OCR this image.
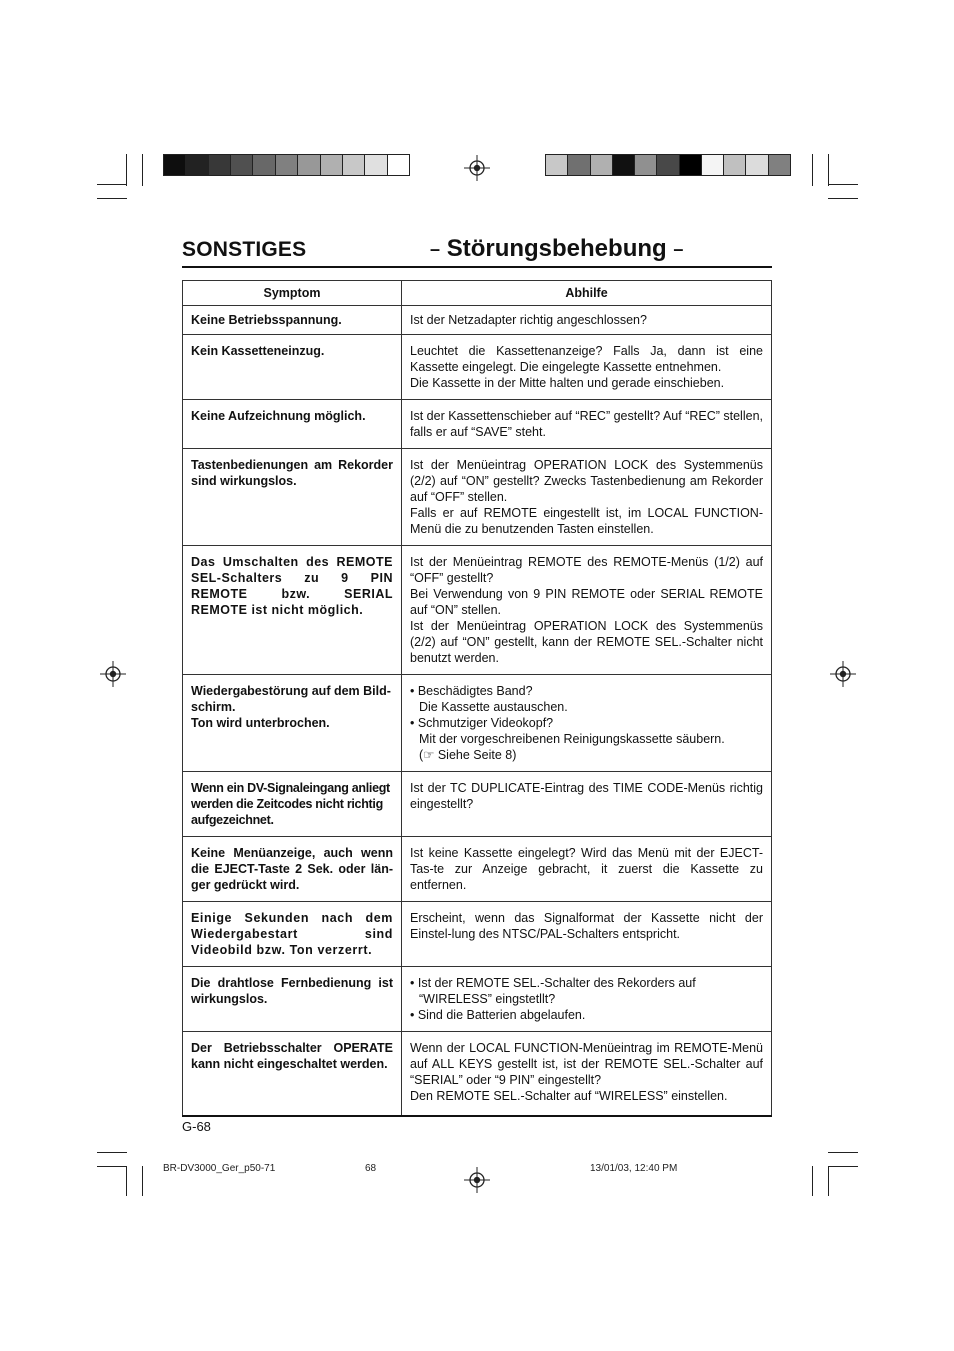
SONSTIGES	– Störungsbehebung –
Symptom	Abhilfe

Keine Betriebsspannung.	Ist der Netzadapter richtig angeschlossen?

Kein Kassetteneinzug.	Leuchtet die Kassettenanzeige? Falls Ja, dann ist eine Kassette eingelegt. Die eingelegte Kassette entnehmen.
Die Kassette in der Mitte halten und gerade einschieben.

Keine Aufzeichnung möglich.	Ist der Kassettenschieber auf “REC” gestellt? Auf “REC” stellen, falls er auf “SAVE” steht.

Tastenbedienungen am Rekorder sind wirkungslos.	Ist der Menüeintrag OPERATION LOCK des Systemmenüs (2/2) auf “ON” gestellt? Zwecks Tastenbedienung am Rekorder auf “OFF” stellen.
Falls er auf REMOTE eingestellt ist, im LOCAL FUNCTION-Menü die zu benutzenden Tasten einstellen.

Das Umschalten des REMOTE SEL-Schalters zu 9 PIN REMOTE bzw. SERIAL REMOTE ist nicht möglich.	Ist der Menüeintrag REMOTE des REMOTE-Menüs (1/2) auf “OFF” gestellt?
Bei Verwendung von 9 PIN REMOTE oder SERIAL REMOTE auf “ON” stellen.
Ist der Menüeintrag OPERATION LOCK des Systemmenüs (2/2) auf “ON” gestellt, kann der REMOTE SEL.-Schalter nicht benutzt werden.

Wiedergabestörung auf dem Bild-schirm.
Ton wird unterbrochen.	• Beschädigtes Band?
Die Kassette austauschen.
• Schmutziger Videokopf?
Mit der vorgeschreibenen Reinigungskassette säubern.
(☞ Siehe Seite 8)

Wenn ein DV-Signaleingang anliegt werden die Zeitcodes nicht richtig aufgezeichnet.	Ist der TC DUPLICATE-Eintrag des TIME CODE-Menüs richtig eingestellt?

Keine Menüanzeige, auch wenn die EJECT-Taste 2 Sek. oder län-ger gedrückt wird.	Ist keine Kassette eingelegt? Wird das Menü mit der EJECT-Tas-te zur Anzeige gebracht, it zuerst die Kassette zu entfernen.

Einige Sekunden nach dem Wiedergabestart sind Videobild bzw. Ton verzerrt.	Erscheint, wenn das Signalformat der Kassette nicht der Einstel-lung des NTSC/PAL-Schalters entspricht.

Die drahtlose Fernbedienung ist wirkungslos.	• Ist der REMOTE SEL.-Schalter des Rekorders auf “WIRELESS” eingstetllt?
• Sind die Batterien abgelaufen.

Der Betriebsschalter OPERATE kann nicht eingeschaltet werden.	Wenn der LOCAL FUNCTION-Menüeintrag im REMOTE-Menü auf ALL KEYS gestellt ist, ist der REMOTE SEL.-Schalter auf “SERIAL” oder “9 PIN” eingestellt?
Den REMOTE SEL.-Schalter auf “WIRELESS” einstellen.
G-68
BR-DV3000_Ger_p50-71	68	13/01/03, 12:40 PM
